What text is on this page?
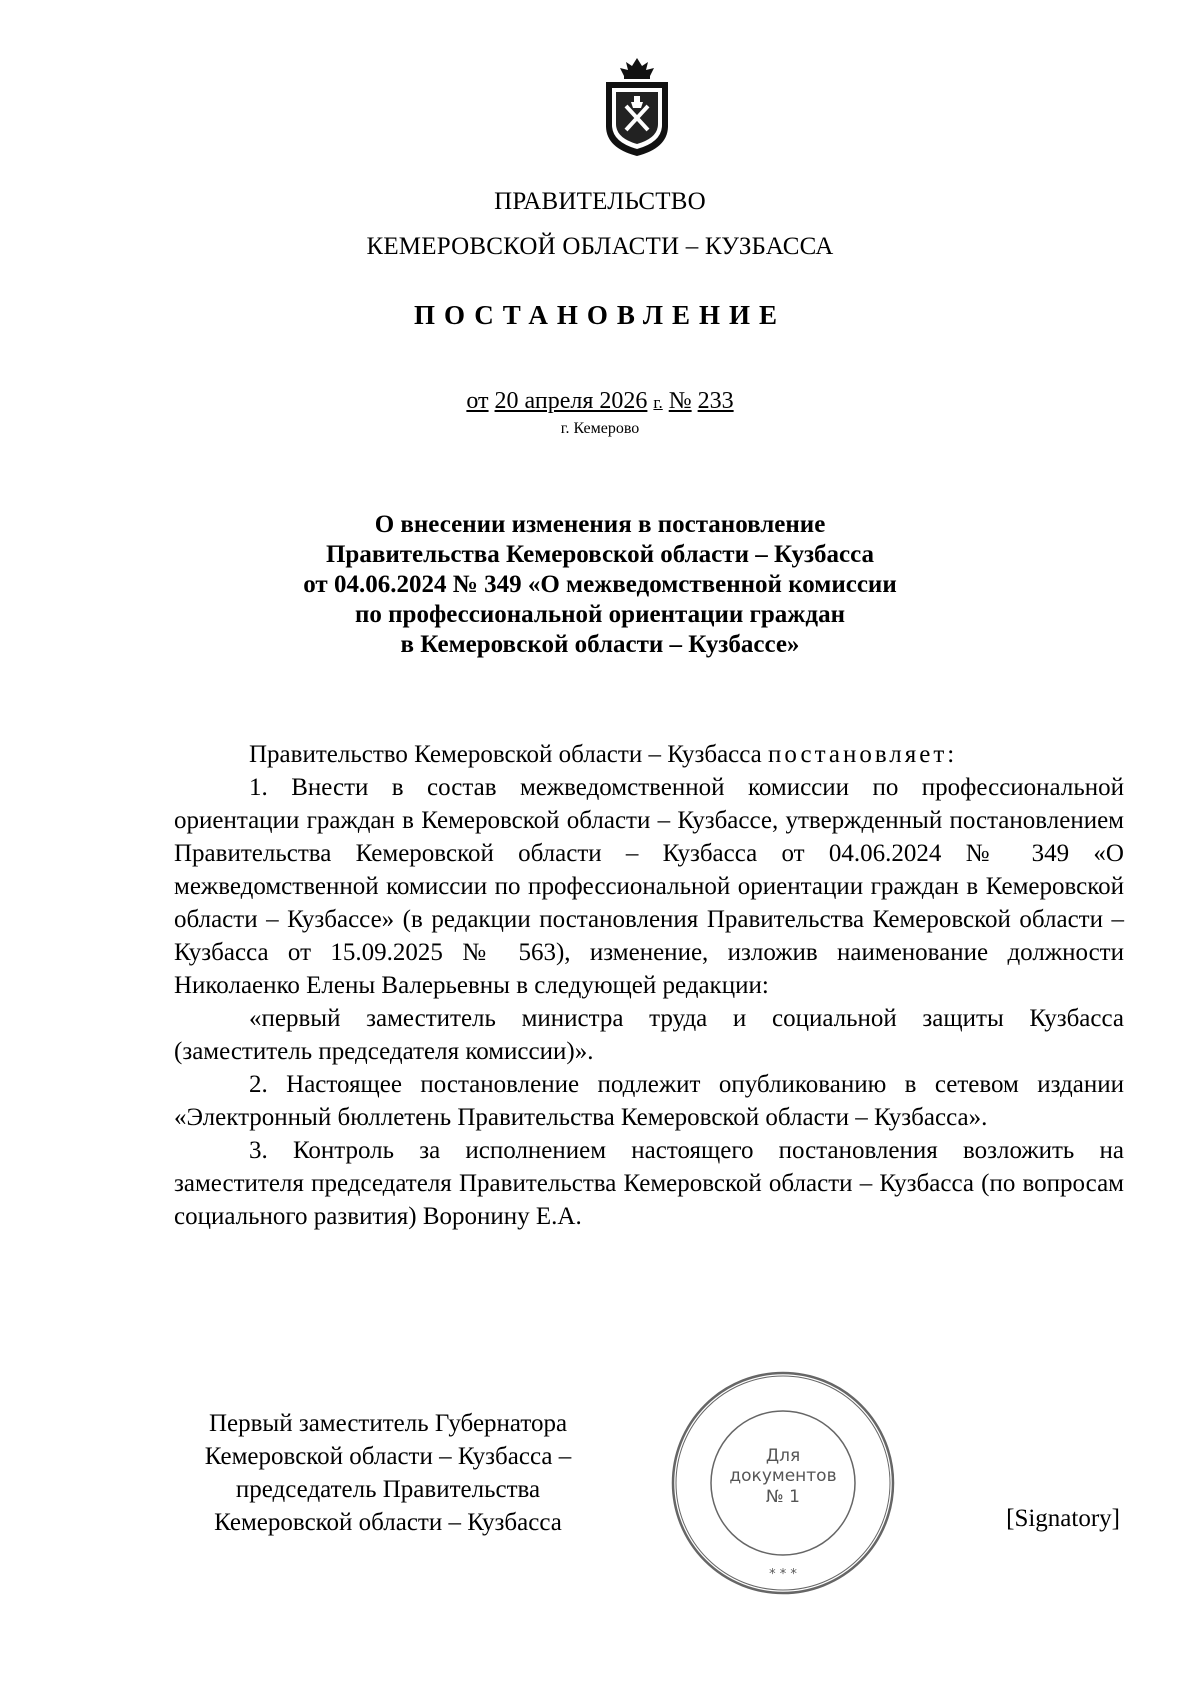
ПРАВИТЕЛЬСТВО
КЕМЕРОВСКОЙ ОБЛАСТИ – КУЗБАССА
ПОСТАНОВЛЕНИЕ
от 20 апреля 2026 г. № 233
г. Кемерово
О внесении изменения в постановление
Правительства Кемеровской области – Кузбасса
от 04.06.2024 № 349 «О межведомственной комиссии
по профессиональной ориентации граждан
в Кемеровской области – Кузбассе»

Правительство Кемеровской области – Кузбасса постановляет:

1. Внести в состав межведомственной комиссии по профессиональной ориентации граждан в Кемеровской области – Кузбассе, утвержденный постановлением Правительства Кемеровской области – Кузбасса от 04.06.2024 № 349 «О межведомственной комиссии по профессиональной ориентации граждан в Кемеровской области – Кузбассе» (в редакции постановления Правительства Кемеровской области – Кузбасса от 15.09.2025 № 563), изменение, изложив наименование должности Николаенко Елены Валерьевны в следующей редакции:

«первый заместитель министра труда и социальной защиты Кузбасса (заместитель председателя комиссии)».

2. Настоящее постановление подлежит опубликованию в сетевом издании «Электронный бюллетень Правительства Кемеровской области – Кузбасса».

3. Контроль за исполнением настоящего постановления возложить на заместителя председателя Правительства Кемеровской области – Кузбасса (по вопросам социального развития) Воронину Е.А.

Первый заместитель Губернатора
Кемеровской области – Кузбасса –
председатель Правительства
Кемеровской области – Кузбасса
Для
документов
№ 1
* * *
[Signatory]
